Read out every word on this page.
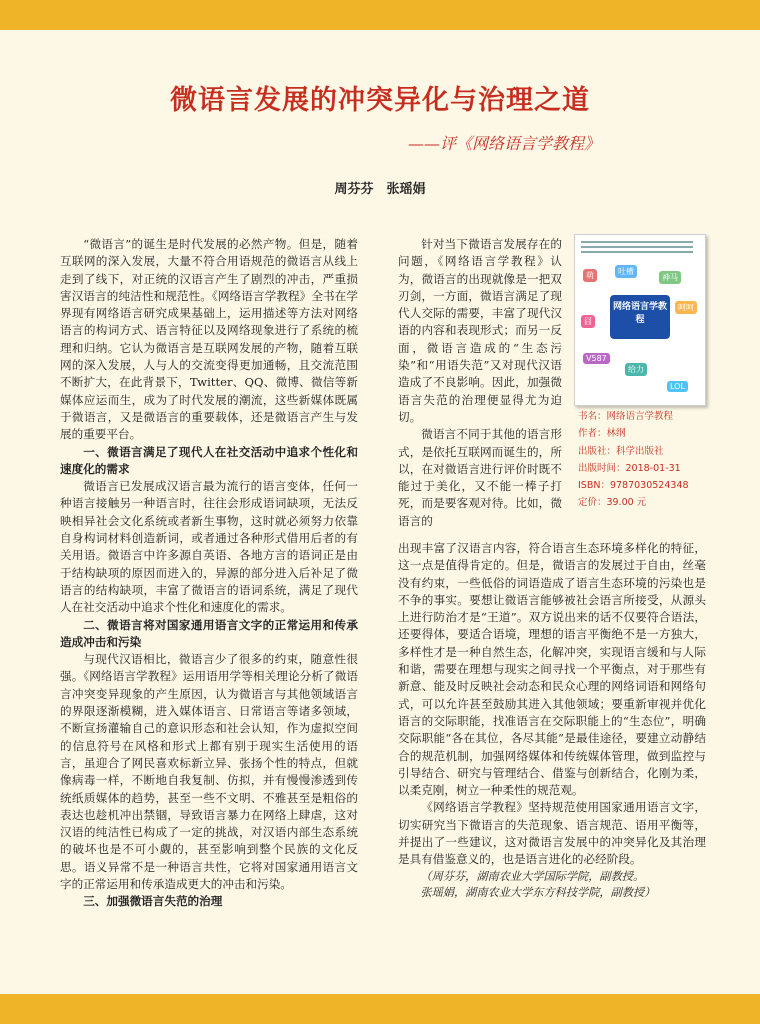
微语言发展的冲突异化与治理之道
——评《网络语言学教程》
周芬芬　张瑶娟

“微语言”的诞生是时代发展的必然产物。但是，随着互联网的深入发展，大量不符合用语规范的微语言从线上走到了线下，对正统的汉语言产生了剧烈的冲击，严重损害汉语言的纯洁性和规范性。《网络语言学教程》全书在学界现有网络语言研究成果基础上，运用描述等方法对网络语言的构词方式、语言特征以及网络现象进行了系统的梳理和归纳。它认为微语言是互联网发展的产物，随着互联网的深入发展，人与人的交流变得更加通畅，且交流范围不断扩大，在此背景下，Twitter、QQ、微博、微信等新媒体应运而生，成为了时代发展的潮流，这些新媒体既属于微语言，又是微语言的重要载体，还是微语言产生与发展的重要平台。

一、微语言满足了现代人在社交活动中追求个性化和速度化的需求

微语言已发展成汉语言最为流行的语言变体，任何一种语言接触另一种语言时，往往会形成语词缺项，无法反映相异社会文化系统或者新生事物，这时就必须努力依靠自身构词材料创造新词，或者通过各种形式借用后者的有关用语。微语言中许多源自英语、各地方言的语词正是由于结构缺项的原因而进入的，异源的部分进入后补足了微语言的结构缺项，丰富了微语言的语词系统，满足了现代人在社交活动中追求个性化和速度化的需求。

二、微语言将对国家通用语言文字的正常运用和传承造成冲击和污染

与现代汉语相比，微语言少了很多的约束，随意性很强。《网络语言学教程》运用语用学等相关理论分析了微语言冲突变异现象的产生原因，认为微语言与其他领域语言的界限逐渐模糊，进入媒体语言、日常语言等诸多领域，不断宣扬灌输自己的意识形态和社会认知，作为虚拟空间的信息符号在风格和形式上都有别于现实生活使用的语言，虽迎合了网民喜欢标新立异、张扬个性的特点，但就像病毒一样，不断地自我复制、仿拟，并有慢慢渗透到传统纸质媒体的趋势，甚至一些不文明、不雅甚至是粗俗的表达也趁机冲出禁锢，导致语言暴力在网络上肆虐，这对汉语的纯洁性已构成了一定的挑战，对汉语内部生态系统的破坏也是不可小觑的，甚至影响到整个民族的文化反思。语义异常不是一种语言共性，它将对国家通用语言文字的正常运用和传承造成更大的冲击和污染。

三、加强微语言失范的治理

针对当下微语言发展存在的问题，《网络语言学教程》认为，微语言的出现就像是一把双刃剑，一方面，微语言满足了现代人交际的需要，丰富了现代汉语的内容和表现形式；而另一反面，微语言造成的“生态污染”和“用语失范”又对现代汉语造成了不良影响。因此，加强微语言失范的治理便显得尤为迫切。

微语言不同于其他的语言形式，是依托互联网而诞生的，所以，在对微语言进行评价时既不能过于美化，又不能一棒子打死，而是要客观对待。比如，微语言的

网络语言学教程
萌	吐槽
神马
V587
LOL
呵呵
囧
给力
书名：网络语言学教程
作者：林纲
出版社：科学出版社
出版时间：2018-01-31
ISBN：9787030524348
定价：39.00 元

出现丰富了汉语言内容，符合语言生态环境多样化的特征，这一点是值得肯定的。但是，微语言的发展过于自由，丝毫没有约束，一些低俗的词语造成了语言生态环境的污染也是不争的事实。要想让微语言能够被社会语言所接受，从源头上进行防治才是“王道”。双方说出来的话不仅要符合语法，还要得体，要适合语境，理想的语言平衡绝不是一方独大，多样性才是一种自然生态，化解冲突，实现语言缓和与人际和谐，需要在理想与现实之间寻找一个平衡点，对于那些有新意、能及时反映社会动态和民众心理的网络词语和网络句式，可以允许甚至鼓励其进入其他领域；要重新审视并优化语言的交际职能，找准语言在交际职能上的“生态位”，明确交际职能“各在其位，各尽其能”是最佳途径，要建立动静结合的规范机制，加强网络媒体和传统媒体管理，做到监控与引导结合、研究与管理结合、借鉴与创新结合，化刚为柔，以柔克刚，树立一种柔性的规范观。

《网络语言学教程》坚持规范使用国家通用语言文字，切实研究当下微语言的失范现象、语言规范、语用平衡等，并提出了一些建议，这对微语言发展中的冲突异化及其治理是具有借鉴意义的，也是语言进化的必经阶段。

（周芬芬，湖南农业大学国际学院，副教授。

张瑶娟，湖南农业大学东方科技学院，副教授）
